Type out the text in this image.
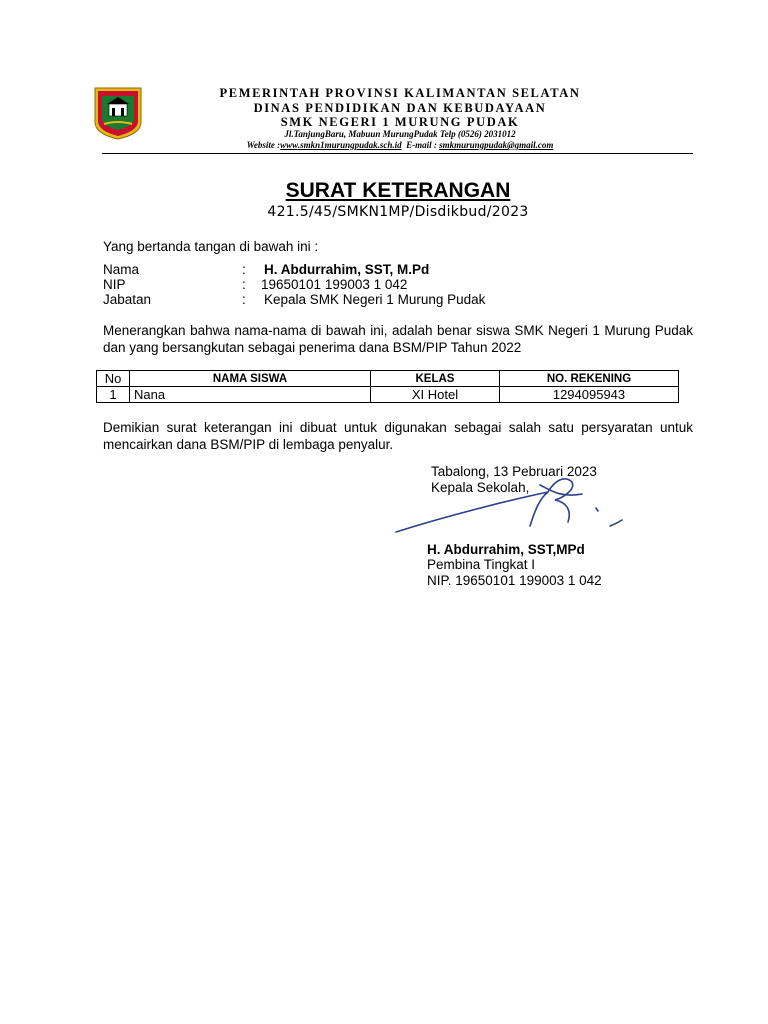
PEMERINTAH PROVINSI KALIMANTAN SELATAN
DINAS PENDIDIKAN DAN KEBUDAYAAN
SMK NEGERI 1 MURUNG PUDAK
Jl.TanjungBaru, Mabuun MurungPudak Telp (0526) 2031012
Website :www.smkn1murungpudak.sch.id E-mail : smkmurungpudak@gmail.com
SURAT KETERANGAN
421.5/45/SMKN1MP/Disdikbud/2023
Yang bertanda tangan di bawah ini :
Nama	: H. Abdurrahim, SST, M.Pd
NIP	: 19650101 199003 1 042
Jabatan	: Kepala SMK Negeri 1 Murung Pudak
Menerangkan bahwa nama-nama di bawah ini, adalah benar siswa SMK Negeri 1 Murung Pudak dan yang bersangkutan sebagai penerima dana BSM/PIP Tahun 2022
No	NAMA SISWA	KELAS	NO. REKENING
1	Nana	XI Hotel	1294095943
Demikian surat keterangan ini dibuat untuk digunakan sebagai salah satu persyaratan untuk mencairkan dana BSM/PIP di lembaga penyalur.
Tabalong, 13 Pebruari 2023
Kepala Sekolah,
H. Abdurrahim, SST,MPd
Pembina Tingkat I
NIP. 19650101 199003 1 042
